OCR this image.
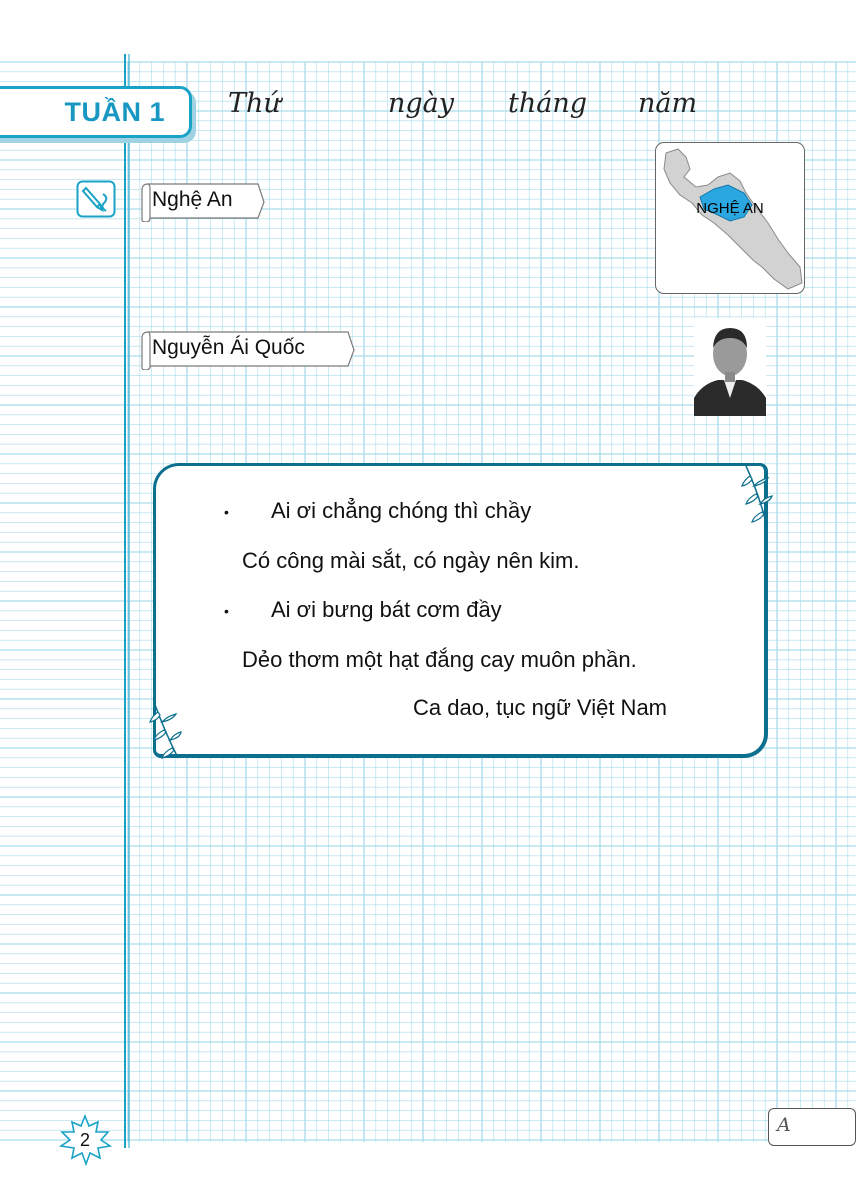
TUẦN 1 Thứ	ngày tháng năm
Nghệ An	NGHỆ AN
Nguyễn Ái Quốc
• Ai ơi chẳng chóng thì chầy
Có công mài sắt, có ngày nên kim.
• Ai ơi bưng bát cơm đầy
Dẻo thơm một hạt đắng cay muôn phần.
Ca dao, tục ngữ Việt Nam
2
A
